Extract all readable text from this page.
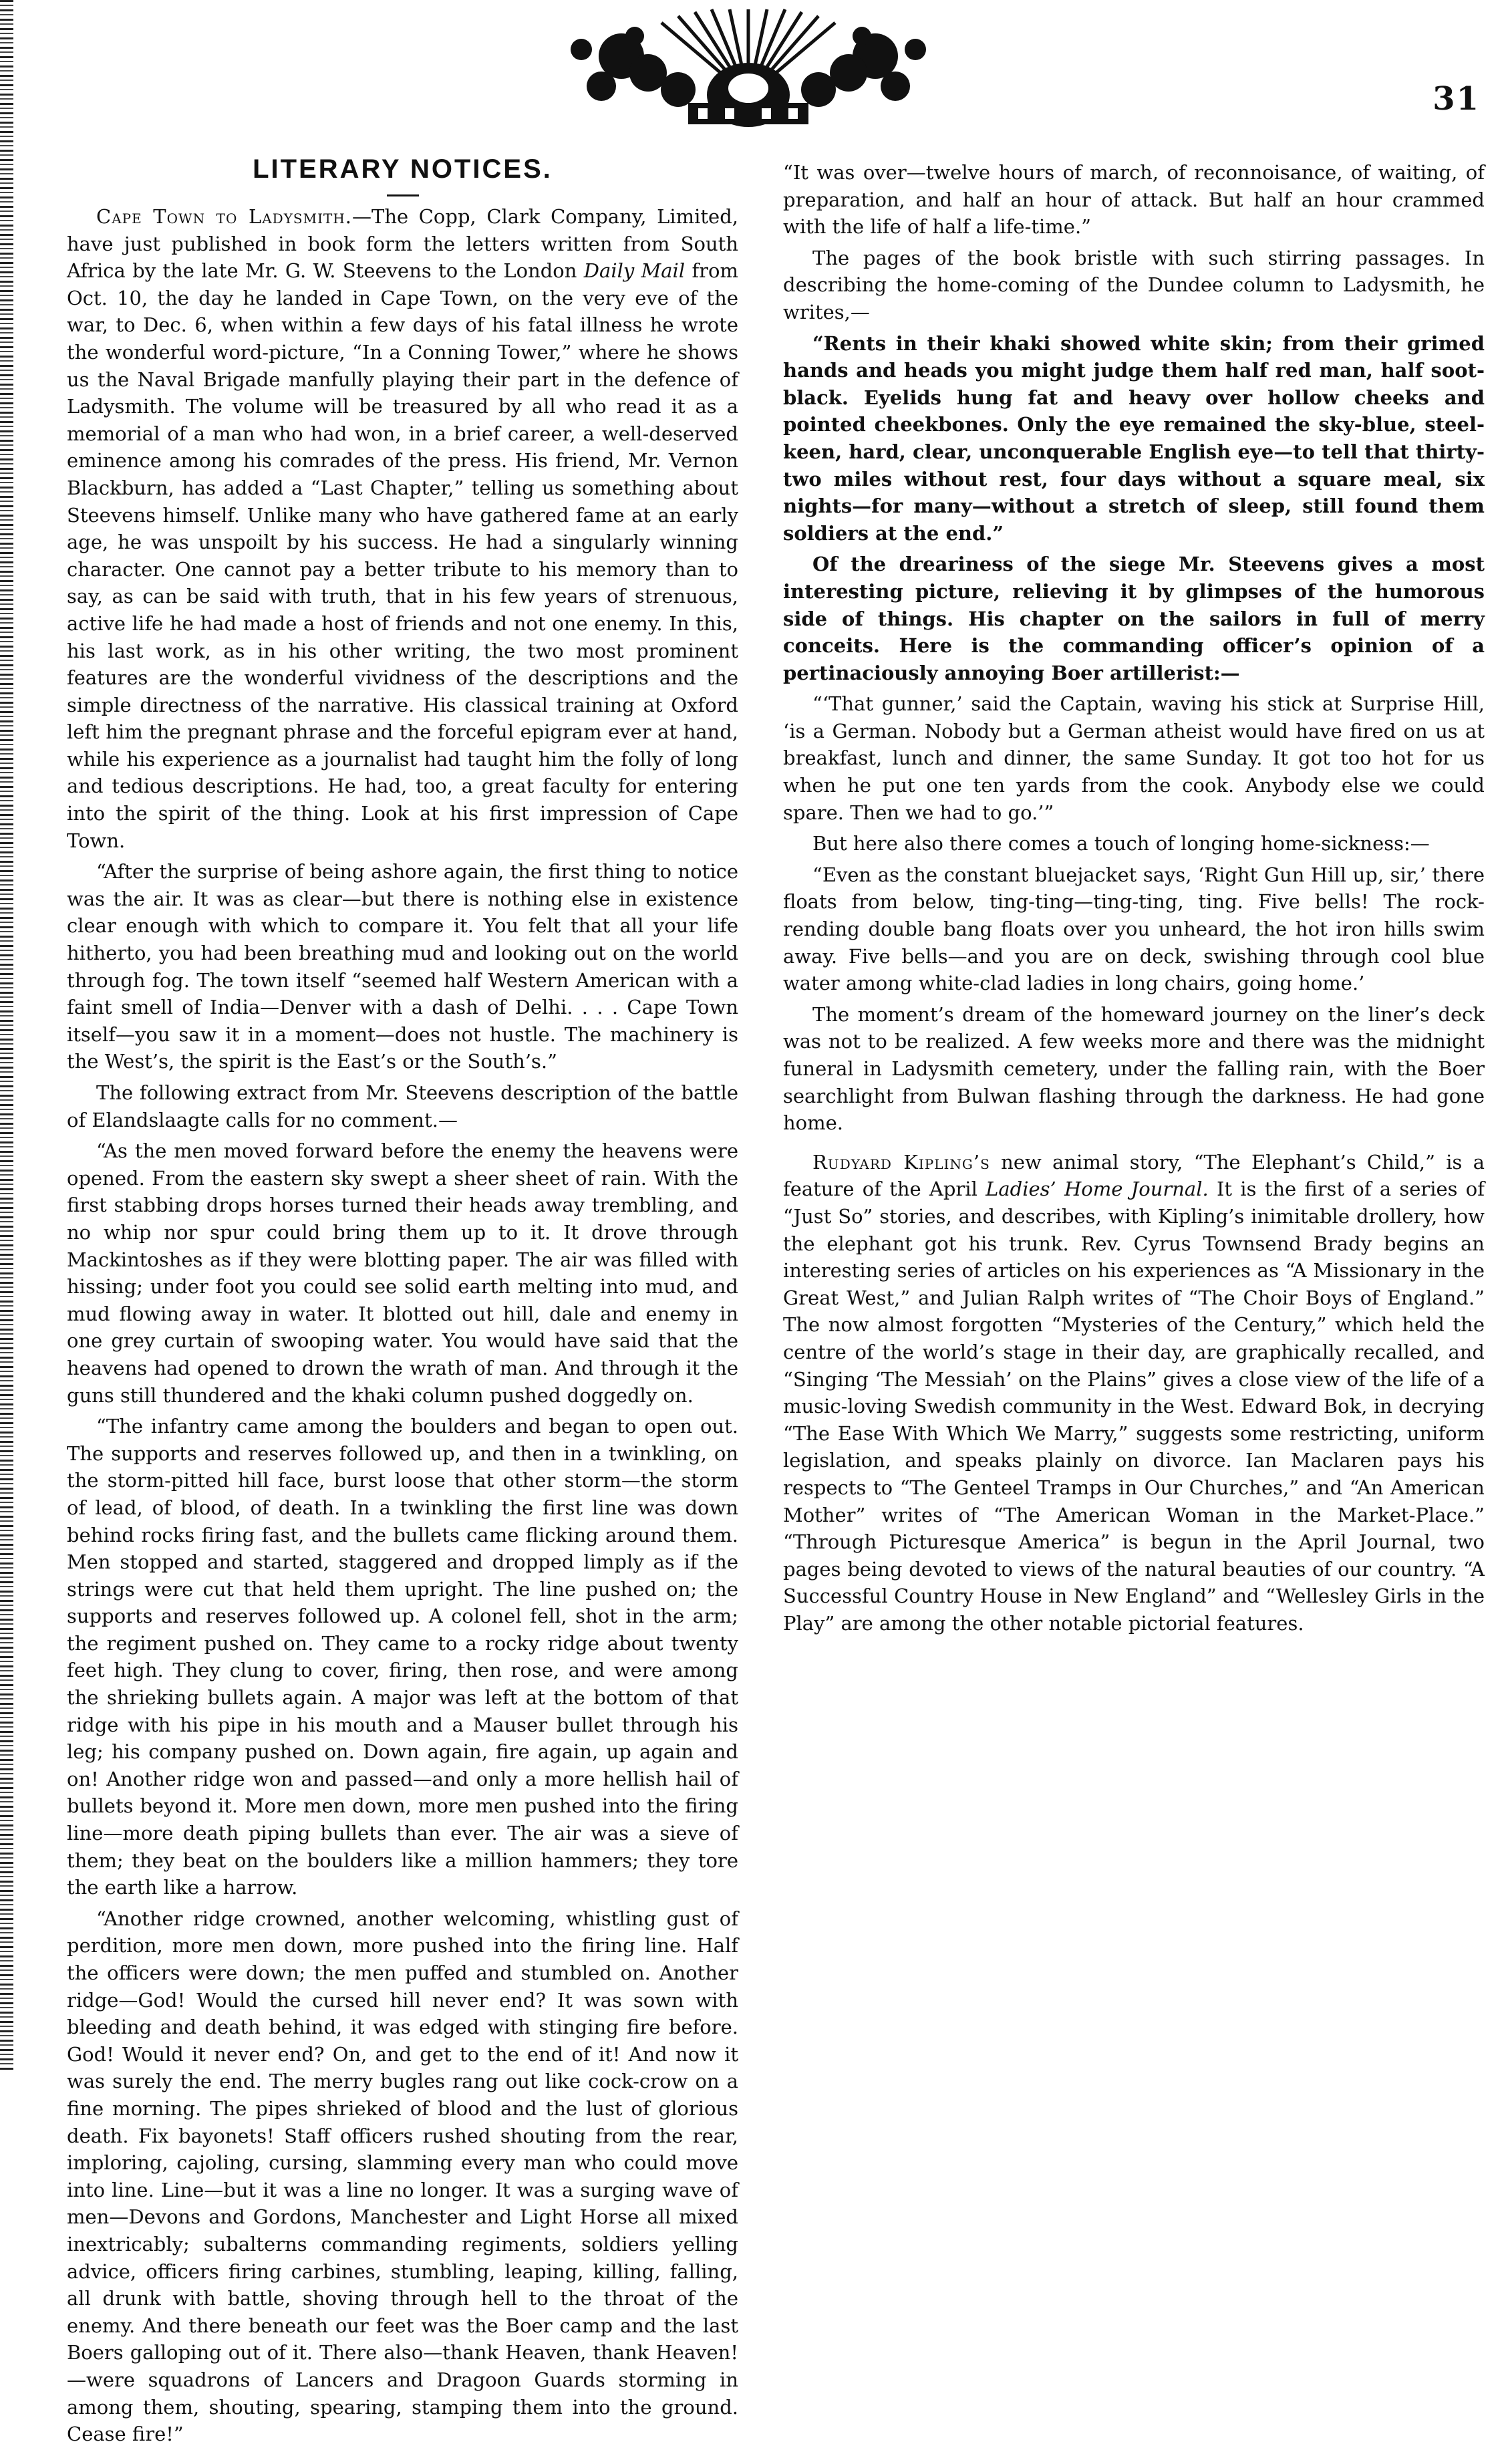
31
LITERARY NOTICES.

Cape Town to Ladysmith.—The Copp, Clark Company, Limited, have just published in book form the letters written from South Africa by the late Mr. G. W. Steevens to the London Daily Mail from Oct. 10, the day he landed in Cape Town, on the very eve of the war, to Dec. 6, when within a few days of his fatal illness he wrote the wonderful word-picture, “In a Conning Tower,” where he shows us the Naval Brigade manfully playing their part in the defence of Ladysmith. The volume will be treasured by all who read it as a memorial of a man who had won, in a brief career, a well-deserved eminence among his comrades of the press. His friend, Mr. Vernon Blackburn, has added a “Last Chapter,” telling us something about Steevens himself. Unlike many who have gathered fame at an early age, he was unspoilt by his success. He had a singularly winning character. One cannot pay a better tribute to his memory than to say, as can be said with truth, that in his few years of strenuous, active life he had made a host of friends and not one enemy. In this, his last work, as in his other writing, the two most prominent features are the wonderful vividness of the descriptions and the simple directness of the narrative. His classical training at Oxford left him the pregnant phrase and the forceful epigram ever at hand, while his experience as a journalist had taught him the folly of long and tedious descriptions. He had, too, a great faculty for entering into the spirit of the thing. Look at his first impression of Cape Town.

“After the surprise of being ashore again, the first thing to notice was the air. It was as clear—but there is nothing else in existence clear enough with which to compare it. You felt that all your life hitherto, you had been breathing mud and looking out on the world through fog. The town itself “seemed half Western American with a faint smell of India—Denver with a dash of Delhi. . . . Cape Town itself—you saw it in a moment—does not hustle. The machinery is the West’s, the spirit is the East’s or the South’s.”

The following extract from Mr. Steevens description of the battle of Elandslaagte calls for no comment.—

“As the men moved forward before the enemy the heavens were opened. From the eastern sky swept a sheer sheet of rain. With the first stabbing drops horses turned their heads away trembling, and no whip nor spur could bring them up to it. It drove through Mackintoshes as if they were blotting paper. The air was filled with hissing; under foot you could see solid earth melting into mud, and mud flowing away in water. It blotted out hill, dale and enemy in one grey curtain of swooping water. You would have said that the heavens had opened to drown the wrath of man. And through it the guns still thundered and the khaki column pushed doggedly on.

“The infantry came among the boulders and began to open out. The supports and reserves followed up, and then in a twinkling, on the storm-pitted hill face, burst loose that other storm—the storm of lead, of blood, of death. In a twinkling the first line was down behind rocks firing fast, and the bullets came flicking around them. Men stopped and started, staggered and dropped limply as if the strings were cut that held them upright. The line pushed on; the supports and reserves followed up. A colonel fell, shot in the arm; the regiment pushed on. They came to a rocky ridge about twenty feet high. They clung to cover, firing, then rose, and were among the shrieking bullets again. A major was left at the bottom of that ridge with his pipe in his mouth and a Mauser bullet through his leg; his company pushed on. Down again, fire again, up again and on! Another ridge won and passed—and only a more hellish hail of bullets beyond it. More men down, more men pushed into the firing line—more death piping bullets than ever. The air was a sieve of them; they beat on the boulders like a million hammers; they tore the earth like a harrow.

“Another ridge crowned, another welcoming, whistling gust of perdition, more men down, more pushed into the firing line. Half the officers were down; the men puffed and stumbled on. Another ridge—God! Would the cursed hill never end? It was sown with bleeding and death behind, it was edged with stinging fire before. God! Would it never end? On, and get to the end of it! And now it was surely the end. The merry bugles rang out like cock-crow on a fine morning. The pipes shrieked of blood and the lust of glorious death. Fix bayonets! Staff officers rushed shouting from the rear, imploring, cajoling, cursing, slamming every man who could move into line. Line—but it was a line no longer. It was a surging wave of men—Devons and Gordons, Manchester and Light Horse all mixed inextricably; subalterns commanding regiments, soldiers yelling advice, officers firing carbines, stumbling, leaping, killing, falling, all drunk with battle, shoving through hell to the throat of the enemy. And there beneath our feet was the Boer camp and the last Boers galloping out of it. There also—thank Heaven, thank Heaven!—were squadrons of Lancers and Dragoon Guards storming in among them, shouting, spearing, stamping them into the ground. Cease fire!”

“It was over—twelve hours of march, of reconnoisance, of waiting, of preparation, and half an hour of attack. But half an hour crammed with the life of half a life-time.”

The pages of the book bristle with such stirring passages. In describing the home-coming of the Dundee column to Ladysmith, he writes,—

“Rents in their khaki showed white skin; from their grimed hands and heads you might judge them half red man, half soot-black. Eyelids hung fat and heavy over hollow cheeks and pointed cheekbones. Only the eye remained the sky-blue, steel-keen, hard, clear, unconquerable English eye—to tell that thirty-two miles without rest, four days without a square meal, six nights—for many—without a stretch of sleep, still found them soldiers at the end.”

Of the dreariness of the siege Mr. Steevens gives a most interesting picture, relieving it by glimpses of the humorous side of things. His chapter on the sailors in full of merry conceits. Here is the commanding officer’s opinion of a pertinaciously annoying Boer artillerist:—

“‘That gunner,’ said the Captain, waving his stick at Surprise Hill, ‘is a German. Nobody but a German atheist would have fired on us at breakfast, lunch and dinner, the same Sunday. It got too hot for us when he put one ten yards from the cook. Anybody else we could spare. Then we had to go.’”

But here also there comes a touch of longing home-sickness:—

“Even as the constant bluejacket says, ‘Right Gun Hill up, sir,’ there floats from below, ting-ting—ting-ting, ting. Five bells! The rock-rending double bang floats over you unheard, the hot iron hills swim away. Five bells—and you are on deck, swishing through cool blue water among white-clad ladies in long chairs, going home.’

The moment’s dream of the homeward journey on the liner’s deck was not to be realized. A few weeks more and there was the midnight funeral in Ladysmith cemetery, under the falling rain, with the Boer searchlight from Bulwan flashing through the darkness. He had gone home.

Rudyard Kipling’s new animal story, “The Elephant’s Child,” is a feature of the April Ladies’ Home Journal. It is the first of a series of “Just So” stories, and describes, with Kipling’s inimitable drollery, how the elephant got his trunk. Rev. Cyrus Townsend Brady begins an interesting series of articles on his experiences as “A Missionary in the Great West,” and Julian Ralph writes of “The Choir Boys of England.” The now almost forgotten “Mysteries of the Century,” which held the centre of the world’s stage in their day, are graphically recalled, and “Singing ‘The Messiah’ on the Plains” gives a close view of the life of a music-loving Swedish community in the West. Edward Bok, in decrying “The Ease With Which We Marry,” suggests some restricting, uniform legislation, and speaks plainly on divorce. Ian Maclaren pays his respects to “The Genteel Tramps in Our Churches,” and “An American Mother” writes of “The American Woman in the Market-Place.” “Through Picturesque America” is begun in the April Journal, two pages being devoted to views of the natural beauties of our country. “A Successful Country House in New England” and “Wellesley Girls in the Play” are among the other notable pictorial features.
